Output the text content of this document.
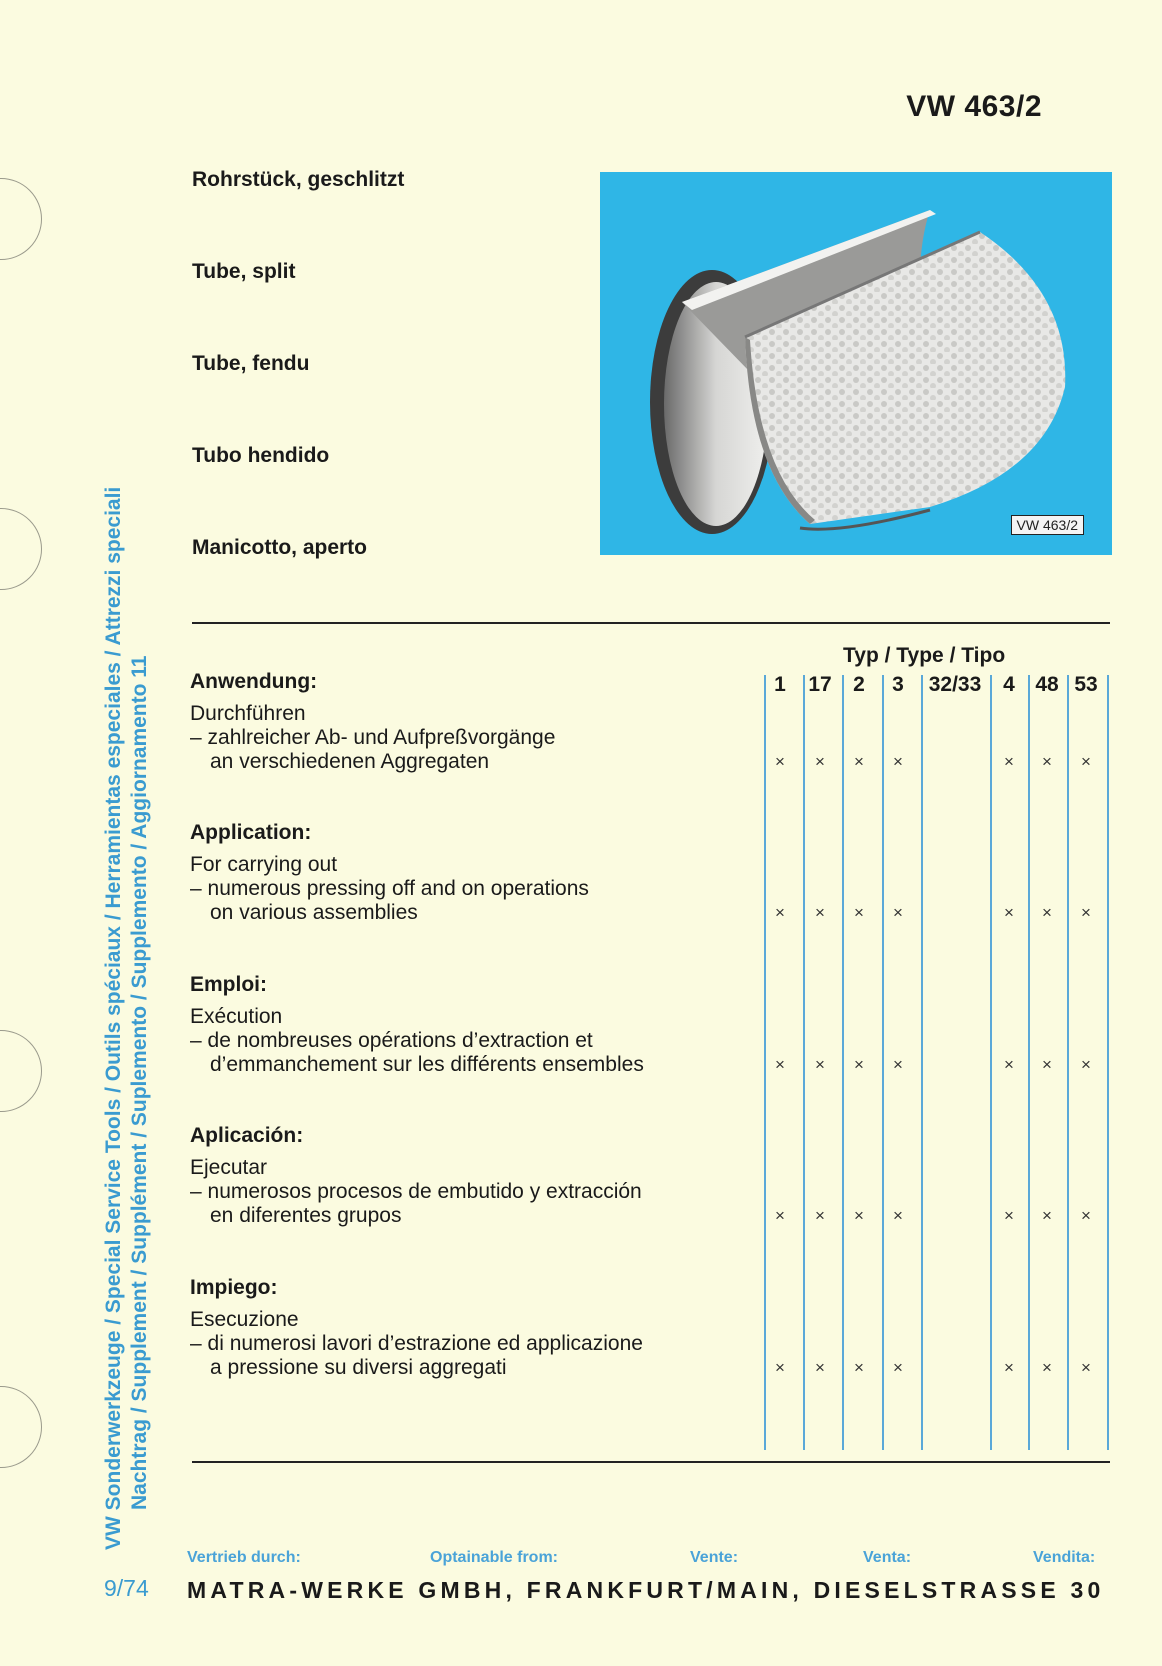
VW 463/2
Rohrstück, geschlitzt
Tube, split
Tube, fendu
Tubo hendido
Manicotto, aperto
VW 463/2
VW Sonderwerkzeuge / Special Service Tools / Outils spéciaux / Herramientas especiales / Attrezzi speciali Nachtrag / Supplement / Supplément / Suplemento / Supplemento / Aggiornamento 11
9/74
Typ / Type / Tipo
1	17	2	3	32/33	4 48 53
Anwendung:
Durchführen
– zahlreicher Ab- und Aufpreßvorgänge
an verschiedenen Aggregaten	× × × ×	× × ×
Application:
For carrying out
– numerous pressing off and on operations
on various assemblies	× × × ×	× × ×
Emploi:
Exécution
– de nombreuses opérations d’extraction et
d’emmanchement sur les différents ensembles	× × × ×	× × ×
Aplicación:
Ejecutar
– numerosos procesos de embutido y extracción
en diferentes grupos	× × × ×	× × ×
Impiego:
Esecuzione
– di numerosi lavori d’estrazione ed applicazione
a pressione su diversi aggregati	× × × ×	× × ×
Vertrieb durch:	Optainable from:	Vente:	Venta:	Vendita:
MATRA-WERKE GMBH, FRANKFURT/MAIN, DIESELSTRASSE 30
